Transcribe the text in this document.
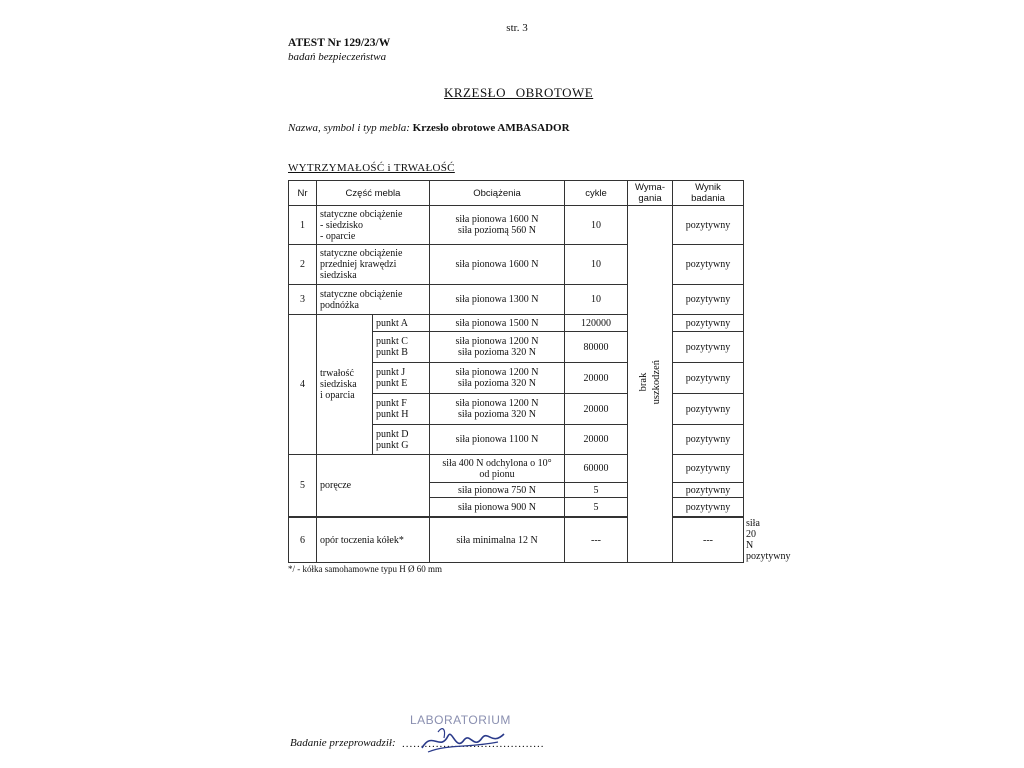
str. 3
ATEST Nr 129/23/W
badań bezpieczeństwa
KRZESŁO OBROTOWE
Nazwa, symbol i typ mebla: Krzesło obrotowe AMBASADOR
WYTRZYMAŁOŚĆ i TRWAŁOŚĆ
Nr	Część mebla		Obciążenia	cykle	Wyma-
gania	Wynik
badania	
1	statyczne obciążenie
- siedzisko
- oparcie		siła pionowa 1600 N
siła poziomą 560 N	10	brak
uszkodzeń	pozytywny	
2	statyczne obciążenie
przedniej krawędzi
siedziska		siła pionowa 1600 N	10		pozytywny	
3	statyczne obciążenie
podnóżka		siła pionowa 1300 N	10		pozytywny	
4	trwałość
siedziska
i oparcia	punkt A	siła pionowa 1500 N	120000		pozytywny	
		punkt C
punkt B	siła pionowa 1200 N
siła pozioma 320 N	80000		pozytywny	
		punkt J
punkt E	siła pionowa 1200 N
siła pozioma 320 N	20000		pozytywny	
		punkt F
punkt H	siła pionowa 1200 N
siła pozioma 320 N	20000		pozytywny	
		punkt D
punkt G	siła pionowa 1100 N	20000		pozytywny	
5	poręcze		siła 400 N odchylona o 10°
od pionu	60000		pozytywny	
			siła pionowa 750 N	5		pozytywny	
			siła pionowa 900 N	5		pozytywny	

6	opór toczenia kółek*		siła minimalna 12 N	---		---	siła 20 N
pozytywny
*/ - kółka samohamowne typu H Ø 60 mm
LABORATORIUM
Badanie przeprowadził: ......................................
